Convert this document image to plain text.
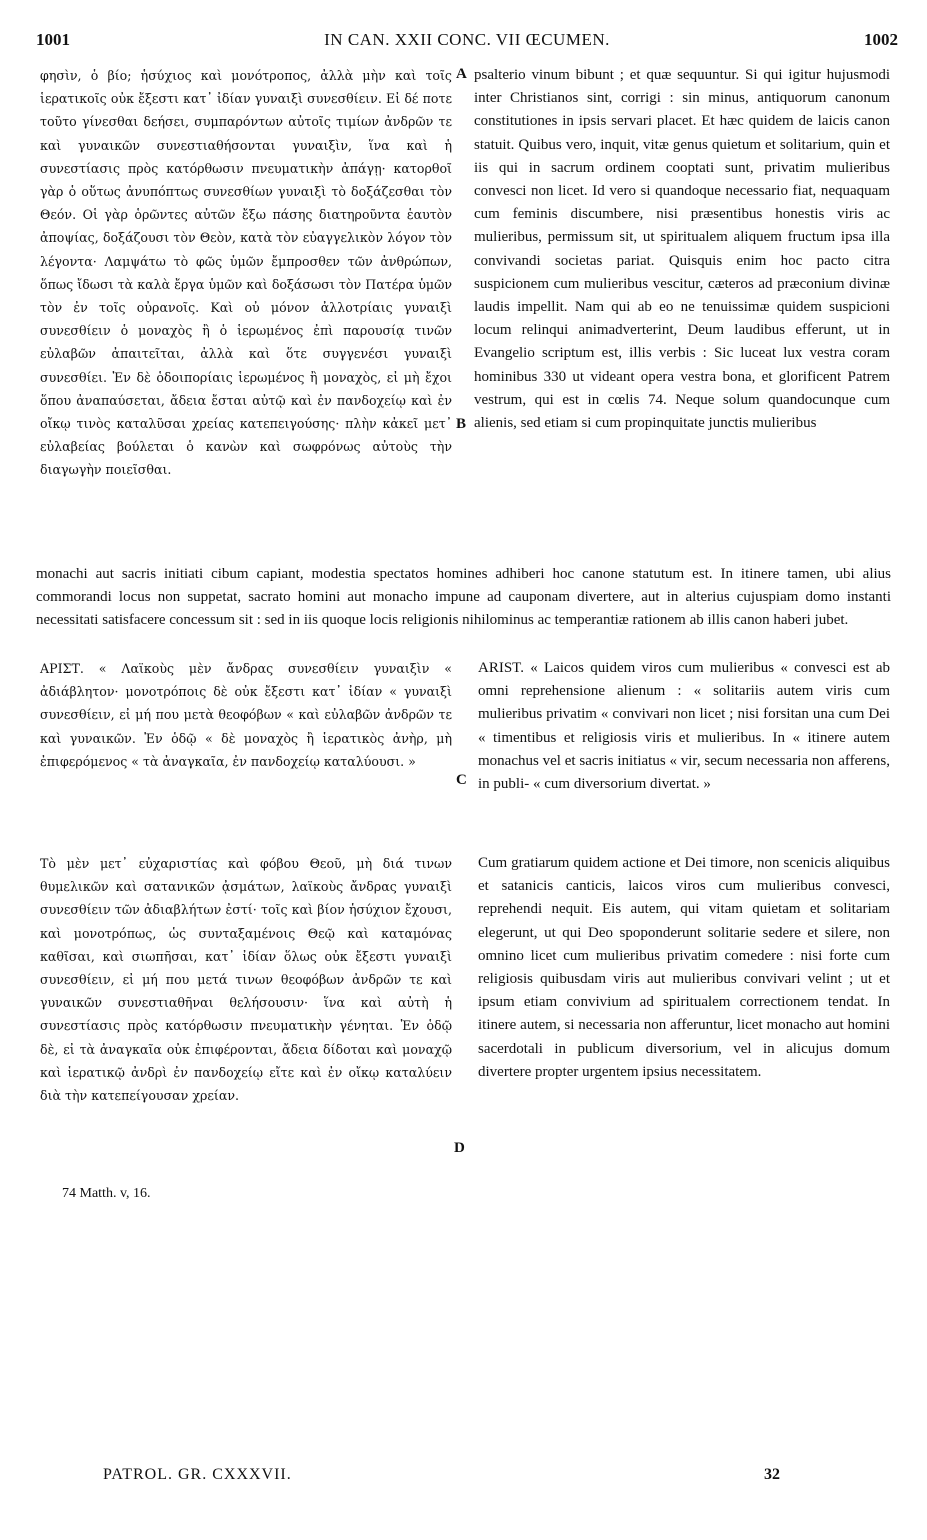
1001	IN CAN. XXII CONC. VII ŒCUMEN.	1002

φησὶν, ὁ βίο; ἡσύχιος καὶ μονότροπος, ἀλλὰ μὴν καὶ τοῖς ἱερατικοῖς οὐκ ἔξεστι κατ᾽ ἰδίαν γυναιξὶ συνεσθίειν. Εἰ δέ ποτε τοῦτο γίνεσθαι δεήσει, συμπαρόντων αὐτοῖς τιμίων ἀνδρῶν τε καὶ γυναικῶν συνεστιαθήσονται γυναιξὶν, ἵνα καὶ ἡ συνεστίασις πρὸς κατόρθωσιν πνευματικὴν ἀπάγῃ· κατορθοῖ γὰρ ὁ οὕτως ἀνυπόπτως συνεσθίων γυναιξὶ τὸ δοξάζεσθαι τὸν Θεόν. Οἱ γὰρ ὁρῶντες αὐτῶν ἔξω πάσης διατηροῦντα ἑαυτὸν ἀποψίας, δοξάζουσι τὸν Θεὸν, κατὰ τὸν εὐαγγελικὸν λόγον τὸν λέγοντα· Λαμψάτω τὸ φῶς ὑμῶν ἔμπροσθεν τῶν ἀνθρώπων, ὅπως ἴδωσι τὰ καλὰ ἔργα ὑμῶν καὶ δοξάσωσι τὸν Πατέρα ὑμῶν τὸν ἐν τοῖς οὐρανοῖς. Καὶ οὐ μόνον ἀλλοτρίαις γυναιξὶ συνεσθίειν ὁ μοναχὸς ἢ ὁ ἱερωμένος ἐπὶ παρουσίᾳ τινῶν εὐλαβῶν ἀπαιτεῖται, ἀλλὰ καὶ ὅτε συγγενέσι γυναιξὶ συνεσθίει. Ἐν δὲ ὁδοιπορίαις ἱερωμένος ἢ μοναχὸς, εἰ μὴ ἔχοι ὅπου ἀναπαύσεται, ἄδεια ἔσται αὐτῷ καὶ ἐν πανδοχείῳ καὶ ἐν οἴκῳ τινὸς καταλῦσαι χρείας κατεπειγούσης· πλὴν κἀκεῖ μετ᾽ εὐλαβείας βούλεται ὁ κανὼν καὶ σωφρόνως αὐτοὺς τὴν διαγωγὴν ποιεῖσθαι.

psalterio vinum bibunt ; et quæ sequuntur. Si qui igitur hujusmodi inter Christianos sint, corrigi : sin minus, antiquorum canonum constitutiones in ipsis servari placet. Et hæc quidem de laicis canon statuit. Quibus vero, inquit, vitæ genus quietum et solitarium, quin et iis qui in sacrum ordinem cooptati sunt, privatim mulieribus convesci non licet. Id vero si quandoque necessario fiat, nequaquam cum feminis discumbere, nisi præsentibus honestis viris ac mulieribus, permissum sit, ut spiritualem aliquem fructum ipsa illa convivandi societas pariat. Quisquis enim hoc pacto citra suspicionem cum mulieribus vescitur, cæteros ad præconium divinæ laudis impellit. Nam qui ab eo ne tenuissimæ quidem suspicioni locum relinqui animadverterint, Deum laudibus efferunt, ut in Evangelio scriptum est, illis verbis : Sic luceat lux vestra coram hominibus 330 ut videant opera vestra bona, et glorificent Patrem vestrum, qui est in cœlis 74. Neque solum quandocunque cum alienis, sed etiam si cum propinquitate junctis mulieribus

A
B

monachi aut sacris initiati cibum capiant, modestia spectatos homines adhiberi hoc canone statutum est. In itinere tamen, ubi alius commorandi locus non suppetat, sacrato homini aut monacho impune ad cauponam divertere, aut in alterius cujuspiam domo instanti necessitati satisfacere concessum sit : sed in iis quoque locis religionis nihilominus ac temperantiæ rationem ab illis canon haberi jubet.

ΑΡΙΣΤ. « Λαϊκοὺς μὲν ἄνδρας συνεσθίειν γυναιξὶν « ἀδιάβλητον· μονοτρόποις δὲ οὐκ ἔξεστι κατ᾽ ἰδίαν « γυναιξὶ συνεσθίειν, εἰ μή που μετὰ θεοφόβων « καὶ εὐλαβῶν ἀνδρῶν τε καὶ γυναικῶν. Ἐν ὁδῷ « δὲ μοναχὸς ἢ ἱερατικὸς ἀνὴρ, μὴ ἐπιφερόμενος « τὰ ἀναγκαῖα, ἐν πανδοχείῳ καταλύουσι. »

ARIST. « Laicos quidem viros cum mulieribus « convesci est ab omni reprehensione alienum : « solitariis autem viris cum mulieribus privatim « convivari non licet ; nisi forsitan una cum Dei « timentibus et religiosis viris et mulieribus. In « itinere autem monachus vel et sacris initiatus « vir, secum necessaria non afferens, in publi- « cum diversorium divertat. »

C

Τὸ μὲν μετ᾽ εὐχαριστίας καὶ φόβου Θεοῦ, μὴ διά τινων θυμελικῶν καὶ σατανικῶν ᾀσμάτων, λαϊκοὺς ἄνδρας γυναιξὶ συνεσθίειν τῶν ἀδιαβλήτων ἐστί· τοῖς καὶ βίον ἡσύχιον ἔχουσι, καὶ μονοτρόπως, ὡς συνταξαμένοις Θεῷ καὶ καταμόνας καθῖσαι, καὶ σιωπῆσαι, κατ᾽ ἰδίαν ὅλως οὐκ ἔξεστι γυναιξὶ συνεσθίειν, εἰ μή που μετά τινων θεοφόβων ἀνδρῶν τε καὶ γυναικῶν συνεστιαθῆναι θελήσουσιν· ἵνα καὶ αὐτὴ ἡ συνεστίασις πρὸς κατόρθωσιν πνευματικὴν γένηται. Ἐν ὁδῷ δὲ, εἰ τὰ ἀναγκαῖα οὐκ ἐπιφέρονται, ἄδεια δίδοται καὶ μοναχῷ καὶ ἱερατικῷ ἀνδρὶ ἐν πανδοχείῳ εἴτε καὶ ἐν οἴκῳ καταλύειν διὰ τὴν κατεπείγουσαν χρείαν.

Cum gratiarum quidem actione et Dei timore, non scenicis aliquibus et satanicis canticis, laicos viros cum mulieribus convesci, reprehendi nequit. Eis autem, qui vitam quietam et solitariam elegerunt, ut qui Deo spoponderunt solitarie sedere et silere, non omnino licet cum mulieribus privatim comedere : nisi forte cum religiosis quibusdam viris aut mulieribus convivari velint ; ut et ipsum etiam convivium ad spiritualem correctionem tendat. In itinere autem, si necessaria non afferuntur, licet monacho aut homini sacerdotali in publicum diversorium, vel in alicujus domum divertere propter urgentem ipsius necessitatem.

D
74 Matth. v, 16.
PATROL. GR. CXXXVII.	32
